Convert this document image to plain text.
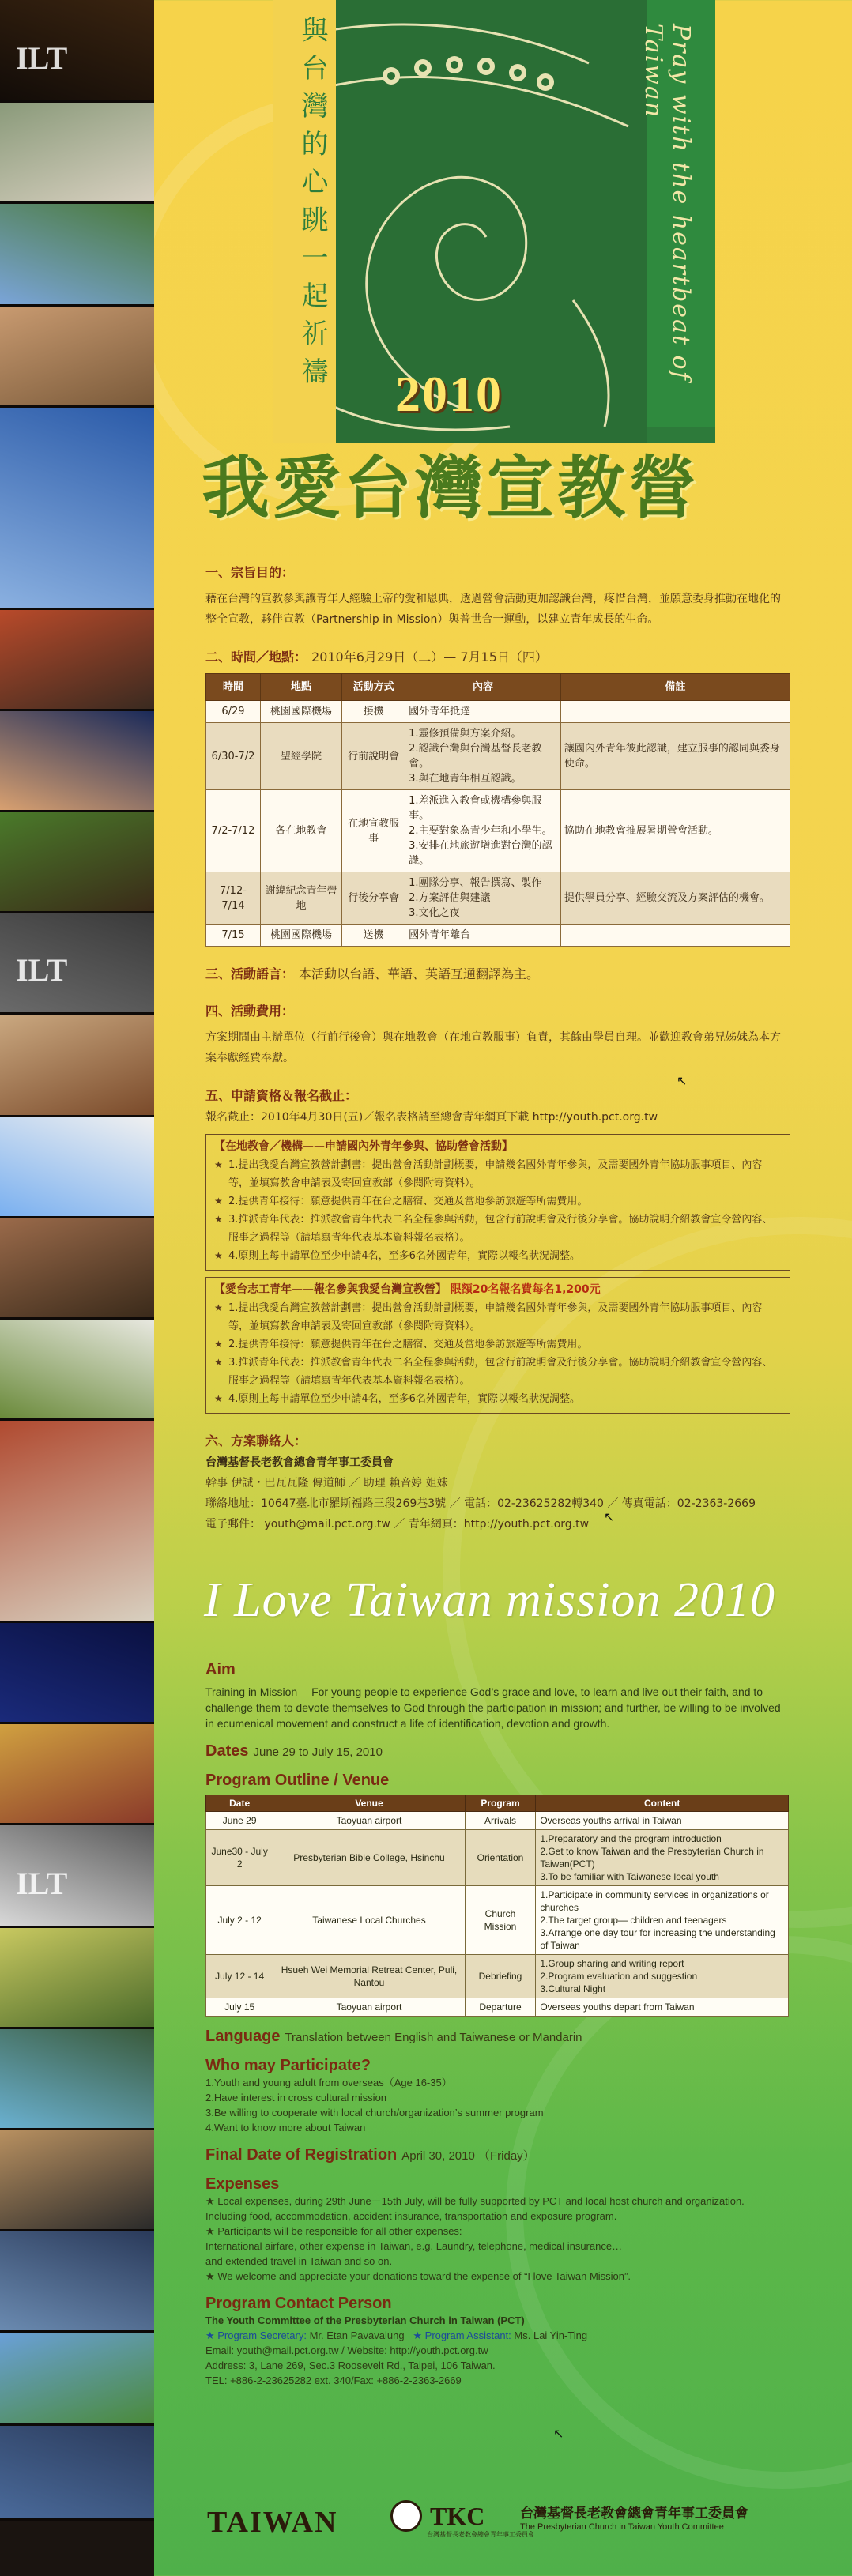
ILT
ILT
ILT
Pray with the heartbeat of Taiwan
與台灣的心跳一起祈禱 2010
我愛台灣宣教營
一、宗旨目的：
藉在台灣的宣教參與讓青年人經驗上帝的愛和恩典，透過營會活動更加認識台灣，疼惜台灣，並願意委身推動在地化的整全宣教，夥伴宣教（Partnership in Mission）與普世合一運動，以建立青年成長的生命。
二、時間／地點： 2010年6月29日（二）— 7月15日（四）
時間	地點	活動方式	內容	備註
6/29	桃園國際機場	接機	國外青年抵達	
6/30-7/2	聖經學院	行前說明會	1.靈修預備與方案介紹。
2.認識台灣與台灣基督長老教會。
3.與在地青年相互認識。	讓國內外青年彼此認識，建立服事的認同與委身使命。
7/2-7/12	各在地教會	在地宣教服事	1.差派進入教會或機構參與服事。
2.主要對象為青少年和小學生。
3.安排在地旅遊增進對台灣的認識。	協助在地教會推展暑期營會活動。
7/12-7/14	謝緯紀念青年營地	行後分享會	1.團隊分享、報告撰寫、製作
2.方案評估與建議
3.文化之夜	提供學員分享、經驗交流及方案評估的機會。
7/15	桃園國際機場	送機	國外青年離台	
三、活動語言： 本活動以台語、華語、英語互通翻譯為主。
四、活動費用：
方案期間由主辦單位（行前行後會）與在地教會（在地宣教服事）負責，其餘由學員自理。並歡迎教會弟兄姊妹為本方案奉獻經費奉獻。
五、申請資格＆報名截止：
報名截止：2010年4月30日(五)／報名表格請至總會青年網頁下載 http://youth.pct.org.tw
【在地教會／機構——申請國內外青年參與、協助營會活動】
★ 1.提出我愛台灣宣教營計劃書：提出營會活動計劃概要，申請幾名國外青年參與，及需要國外青年協助服事項目、內容等，並填寫教會申請表及寄回宣教部（參閱附寄資料）。
★ 2.提供青年接待：願意提供青年在台之膳宿、交通及當地參訪旅遊等所需費用。
★ 3.推派青年代表：推派教會青年代表二名全程參與活動，包含行前說明會及行後分享會。協助說明介紹教會宣令營內容、服事之過程等（請填寫青年代表基本資料報名表格）。
★ 4.原則上每申請單位至少申請4名，至多6名外國青年，實際以報名狀況調整。
【愛台志工青年——報名參與我愛台灣宣教營】 限額20名報名費每名1,200元
★ 1.提出我愛台灣宣教營計劃書：提出營會活動計劃概要，申請幾名國外青年參與，及需要國外青年協助服事項目、內容等，並填寫教會申請表及寄回宣教部（參閱附寄資料）。
★ 2.提供青年接待：願意提供青年在台之膳宿、交通及當地參訪旅遊等所需費用。
★ 3.推派青年代表：推派教會青年代表二名全程參與活動，包含行前說明會及行後分享會。協助說明介紹教會宣令營內容、服事之過程等（請填寫青年代表基本資料報名表格）。
★ 4.原則上每申請單位至少申請4名，至多6名外國青年，實際以報名狀況調整。
六、方案聯絡人：
台灣基督長老教會總會青年事工委員會
幹事 伊誠・巴瓦瓦隆 傳道師 ／ 助理 賴音婷 姐妹
聯絡地址：10647臺北市羅斯福路三段269巷3號 ／ 電話：02-23625282轉340 ／ 傳真電話：02-2363-2669
電子郵件： youth@mail.pct.org.tw ／ 青年網頁：http://youth.pct.org.tw
I Love Taiwan mission 2010
Aim
Training in Mission— For young people to experience God’s grace and love, to learn and live out their faith, and to challenge them to devote themselves to God through the participation in mission; and further, be willing to be involved in ecumenical movement and construct a life of identification, devotion and growth.
Dates June 29 to July 15, 2010
Program Outline / Venue
Date	Venue	Program	Content
June 29	Taoyuan airport	Arrivals	Overseas youths arrival in Taiwan
June30 - July 2	Presbyterian Bible College, Hsinchu	Orientation	1.Preparatory and the program introduction
2.Get to know Taiwan and the Presbyterian Church in Taiwan(PCT)
3.To be familiar with Taiwanese local youth
July 2 - 12	Taiwanese Local Churches	Church Mission	1.Participate in community services in organizations or churches
2.The target group— children and teenagers
3.Arrange one day tour for increasing the understanding of Taiwan
July 12 - 14	Hsueh Wei Memorial Retreat Center, Puli, Nantou	Debriefing	1.Group sharing and writing report
2.Program evaluation and suggestion
3.Cultural Night
July 15	Taoyuan airport	Departure	Overseas youths depart from Taiwan
Language Translation between English and Taiwanese or Mandarin
Who may Participate?
1.Youth and young adult from overseas（Age 16-35）
2.Have interest in cross cultural mission
3.Be willing to cooperate with local church/organization’s summer program
4.Want to know more about Taiwan
Final Date of Registration April 30, 2010 （Friday）
Expenses
★ Local expenses, during 29th June－15th July, will be fully supported by PCT and local host church and organization.
Including food, accommodation, accident insurance, transportation and exposure program.
★ Participants will be responsible for all other expenses:
International airfare, other expense in Taiwan, e.g. Laundry, telephone, medical insurance…
and extended travel in Taiwan and so on.
★ We welcome and appreciate your donations toward the expense of “I love Taiwan Mission”.
Program Contact Person
The Youth Committee of the Presbyterian Church in Taiwan (PCT)
★ Program Secretary: Mr. Etan Pavavalung ★ Program Assistant: Ms. Lai Yin-Ting
Email: youth@mail.pct.org.tw / Website: http://youth.pct.org.tw
Address: 3, Lane 269, Sec.3 Roosevelt Rd., Taipei, 106 Taiwan.
TEL: +886-2-23625282 ext. 340/Fax: +886-2-2363-2669
TAIWAN	TKC
台灣基督長老教會總會青年事工委員會
台灣基督長老教會總會青年事工委員會
The Presbyterian Church in Taiwan Youth Committee
↖
↖
↖
